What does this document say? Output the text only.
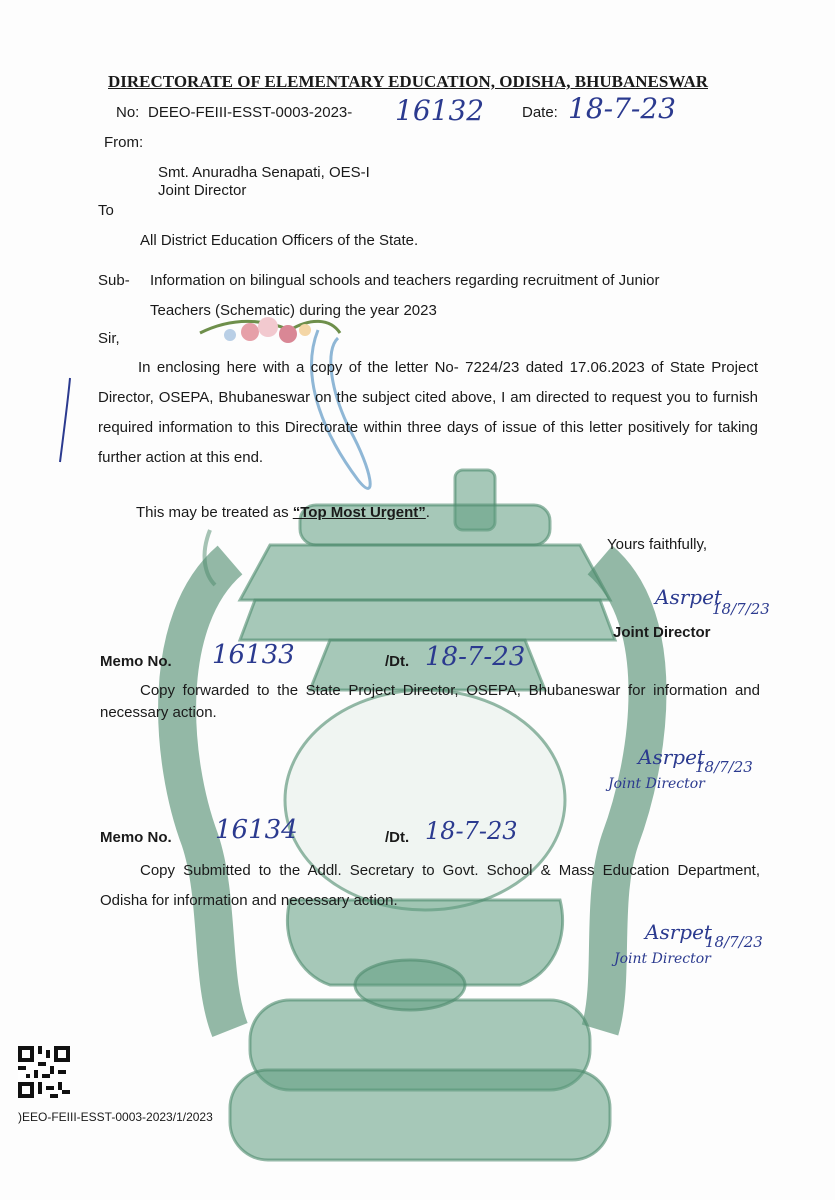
DIRECTORATE OF ELEMENTARY EDUCATION, ODISHA, BHUBANESWAR
No: DEEO-FEIII-ESST-0003-2023- 16132	Date: 18-7-23
From:
Smt. Anuradha Senapati, OES-I
Joint Director
To
All District Education Officers of the State.
Sub- Information on bilingual schools and teachers regarding recruitment of Junior
Teachers (Schematic) during the year 2023
Sir,
In enclosing here with a copy of the letter No- 7224/23 dated 17.06.2023 of State Project Director, OSEPA, Bhubaneswar on the subject cited above, I am directed to request you to furnish required information to this Directorate within three days of issue of this letter positively for taking further action at this end.
This may be treated as “Top Most Urgent”.
Yours faithfully,
Asrpet
18/7/23
Joint Director
Memo No. 16133	/Dt. 18-7-23
Copy forwarded to the State Project Director, OSEPA, Bhubaneswar for information and necessary action.
Asrpet
18/7/23
Joint Director
Memo No. 16134	/Dt. 18-7-23
Copy Submitted to the Addl. Secretary to Govt. School & Mass Education Department, Odisha for information and necessary action.
Asrpet
18/7/23
Joint Director
)EEO-FEIII-ESST-0003-2023/1/2023
